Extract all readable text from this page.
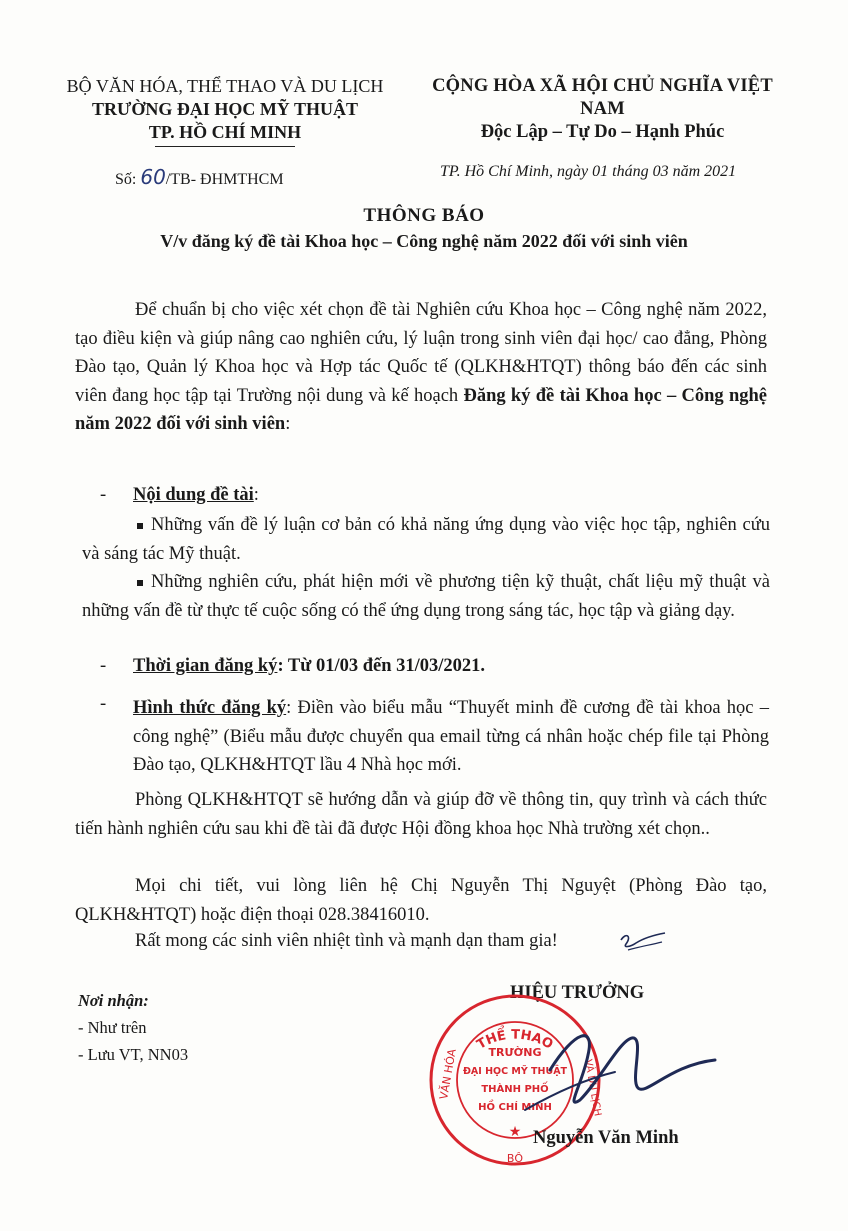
BỘ VĂN HÓA, THỂ THAO VÀ DU LỊCH
TRƯỜNG ĐẠI HỌC MỸ THUẬT
TP. HỒ CHÍ MINH
CỘNG HÒA XÃ HỘI CHỦ NGHĨA VIỆT NAM
Độc Lập – Tự Do – Hạnh Phúc
Số: 60/TB- ĐHMTHCM	TP. Hồ Chí Minh, ngày 01 tháng 03 năm 2021
THÔNG BÁO
V/v đăng ký đề tài Khoa học – Công nghệ năm 2022 đối với sinh viên
Để chuẩn bị cho việc xét chọn đề tài Nghiên cứu Khoa học – Công nghệ năm 2022, tạo điều kiện và giúp nâng cao nghiên cứu, lý luận trong sinh viên đại học/ cao đẳng, Phòng Đào tạo, Quản lý Khoa học và Hợp tác Quốc tế (QLKH&HTQT) thông báo đến các sinh viên đang học tập tại Trường nội dung và kế hoạch Đăng ký đề tài Khoa học – Công nghệ năm 2022 đối với sinh viên:
- Nội dung đề tài:
Những vấn đề lý luận cơ bản có khả năng ứng dụng vào việc học tập, nghiên cứu và sáng tác Mỹ thuật.
Những nghiên cứu, phát hiện mới về phương tiện kỹ thuật, chất liệu mỹ thuật và những vấn đề từ thực tế cuộc sống có thể ứng dụng trong sáng tác, học tập và giảng dạy.
- Thời gian đăng ký: Từ 01/03 đến 31/03/2021.
- Hình thức đăng ký: Điền vào biểu mẫu “Thuyết minh đề cương đề tài khoa học – công nghệ” (Biểu mẫu được chuyển qua email từng cá nhân hoặc chép file tại Phòng Đào tạo, QLKH&HTQT lầu 4 Nhà học mới.
Phòng QLKH&HTQT sẽ hướng dẫn và giúp đỡ về thông tin, quy trình và cách thức tiến hành nghiên cứu sau khi đề tài đã được Hội đồng khoa học Nhà trường xét chọn..
Mọi chi tiết, vui lòng liên hệ Chị Nguyễn Thị Nguyệt (Phòng Đào tạo, QLKH&HTQT) hoặc điện thoại 028.38416010.
Rất mong các sinh viên nhiệt tình và mạnh dạn tham gia!
Nơi nhận:
- Như trên
- Lưu VT, NN03
HIỆU TRƯỞNG
THỂ THAO
VĂN HÓA	VÀ DU LỊCH
BỘ
TRƯỜNG
ĐẠI HỌC MỸ THUẬT
THÀNH PHỐ
HỒ CHÍ MINH
★ Nguyễn Văn Minh
